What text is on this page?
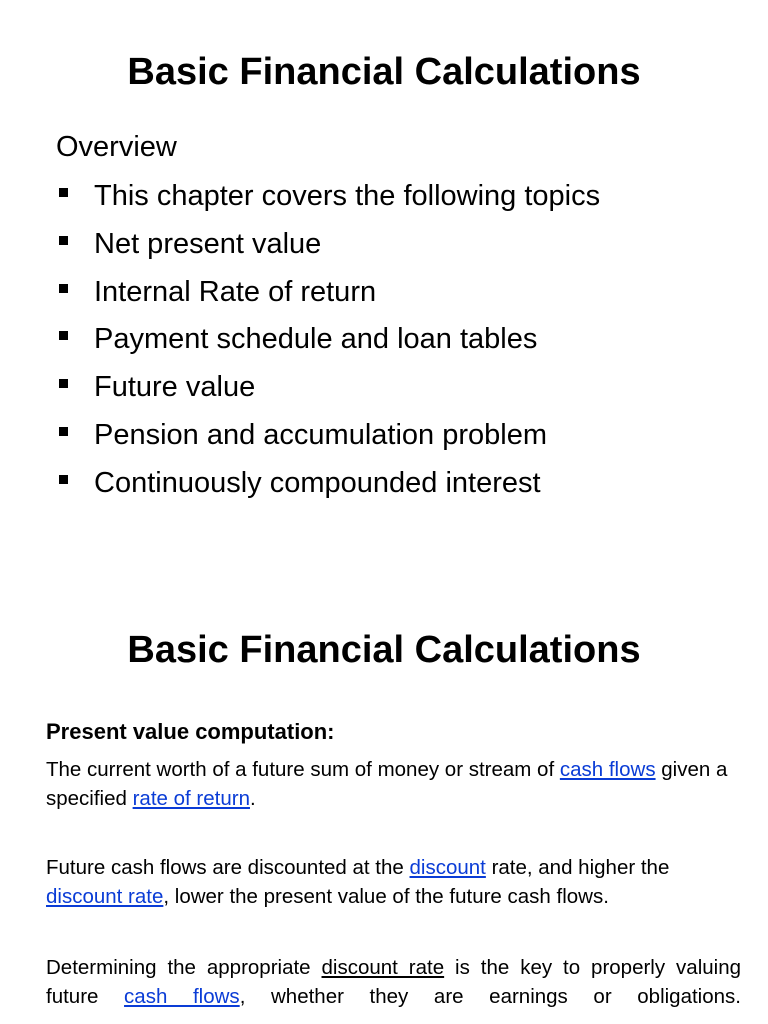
Basic Financial Calculations
Overview
This chapter covers the following topics
Net present value
Internal Rate of return
Payment schedule and loan tables
Future value
Pension and accumulation problem
Continuously compounded interest
Basic Financial Calculations
Present value computation:

The current worth of a future sum of money or stream of cash flows given a specified rate of return.

Future cash flows are discounted at the discount rate, and higher the discount rate, lower the present value of the future cash flows.

Determining the appropriate discount rate is the key to properly valuing future cash flows, whether they are earnings or obligations.
